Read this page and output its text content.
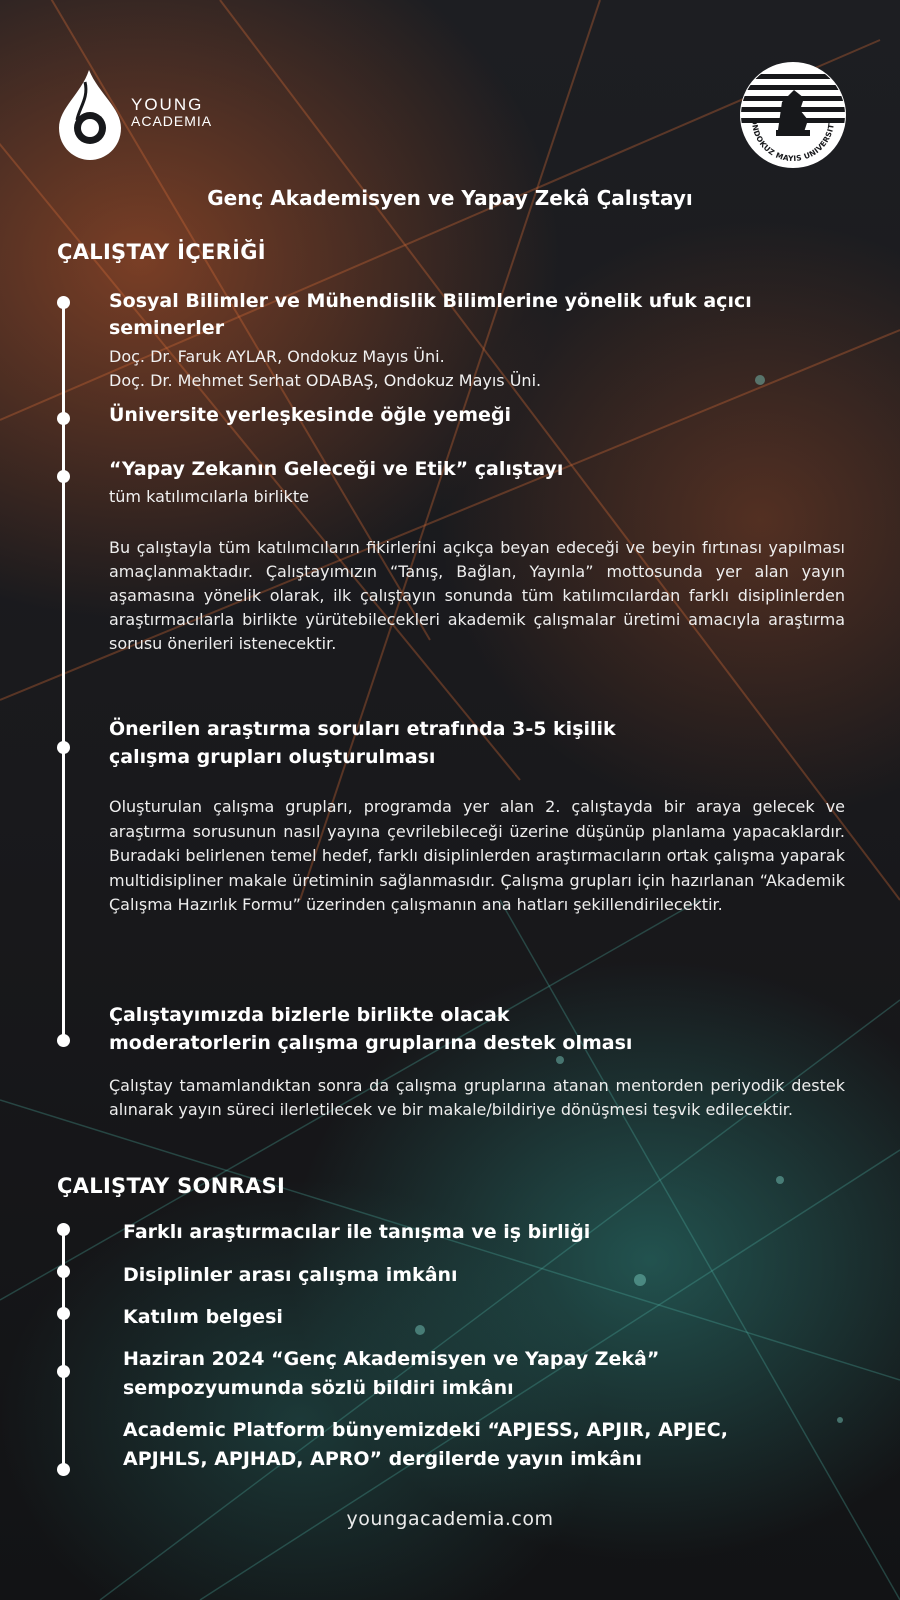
YOUNG
ACADEMIA	ONDOKUZ MAYIS UNIVERSITY
Genç Akademisyen ve Yapay Zekâ Çalıştayı
ÇALIŞTAY İÇERİĞİ
Sosyal Bilimler ve Mühendislik Bilimlerine yönelik ufuk açıcı seminerler
Doç. Dr. Faruk AYLAR, Ondokuz Mayıs Üni.
Doç. Dr. Mehmet Serhat ODABAŞ, Ondokuz Mayıs Üni.
Üniversite yerleşkesinde öğle yemeği
“Yapay Zekanın Geleceği ve Etik” çalıştayı
tüm katılımcılarla birlikte
Bu çalıştayla tüm katılımcıların fikirlerini açıkça beyan edeceği ve beyin fırtınası yapılması amaçlanmaktadır. Çalıştayımızın “Tanış, Bağlan, Yayınla” mottosunda yer alan yayın aşamasına yönelik olarak, ilk çalıştayın sonunda tüm katılımcılardan farklı disiplinlerden araştırmacılarla birlikte yürütebilecekleri akademik çalışmalar üretimi amacıyla araştırma sorusu önerileri istenecektir.
Önerilen araştırma soruları etrafında 3-5 kişilik
çalışma grupları oluşturulması
Oluşturulan çalışma grupları, programda yer alan 2. çalıştayda bir araya gelecek ve araştırma sorusunun nasıl yayına çevrilebileceği üzerine düşünüp planlama yapacaklardır. Buradaki belirlenen temel hedef, farklı disiplinlerden araştırmacıların ortak çalışma yaparak multidisipliner makale üretiminin sağlanmasıdır. Çalışma grupları için hazırlanan “Akademik Çalışma Hazırlık Formu” üzerinden çalışmanın ana hatları şekillendirilecektir.
Çalıştayımızda bizlerle birlikte olacak
moderatorlerin çalışma gruplarına destek olması
Çalıştay tamamlandıktan sonra da çalışma gruplarına atanan mentorden periyodik destek alınarak yayın süreci ilerletilecek ve bir makale/bildiriye dönüşmesi teşvik edilecektir.
ÇALIŞTAY SONRASI
Farklı araştırmacılar ile tanışma ve iş birliği
Disiplinler arası çalışma imkânı
Katılım belgesi
Haziran 2024 “Genç Akademisyen ve Yapay Zekâ”
sempozyumunda sözlü bildiri imkânı
Academic Platform bünyemizdeki “APJESS, APJIR, APJEC,
APJHLS, APJHAD, APRO” dergilerde yayın imkânı
youngacademia.com
